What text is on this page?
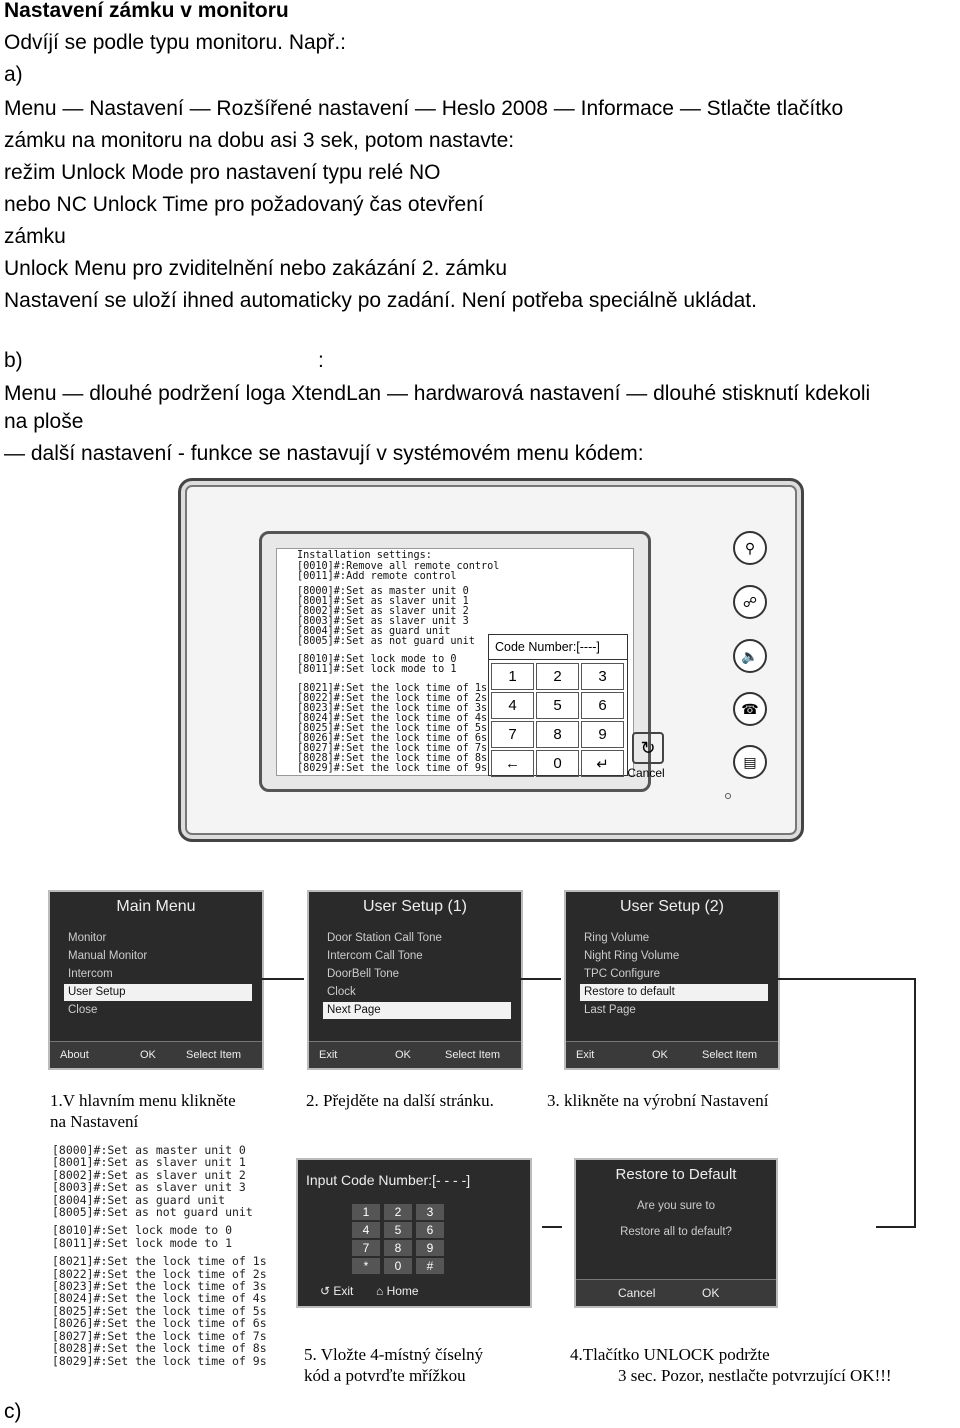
Nastavení zámku v monitoru
Odvíjí se podle typu monitoru. Např.:
a)
Menu — Nastavení — Rozšířené nastavení — Heslo 2008 — Informace — Stlačte tlačítko
zámku na monitoru na dobu asi 3 sek, potom nastavte:
režim Unlock Mode pro nastavení typu relé NO
nebo NC Unlock Time pro požadovaný čas otevření
zámku
Unlock Menu pro zviditelnění nebo zakázání 2. zámku
Nastavení se uloží ihned automaticky po zadání. Není potřeba speciálně ukládat.
b)	:
Menu — dlouhé podržení loga XtendLan — hardwarová nastavení — dlouhé stisknutí kdekoli
na ploše
— další nastavení - funkce se nastavují v systémovém menu kódem:
Installation settings:
[0010]#:Remove all remote control
[0011]#:Add remote control
[8000]#:Set as master unit 0
[8001]#:Set as slaver unit 1
[8002]#:Set as slaver unit 2
[8003]#:Set as slaver unit 3
[8004]#:Set as guard unit
[8005]#:Set as not guard unit
[8010]#:Set lock mode to 0
[8011]#:Set lock mode to 1
[8021]#:Set the lock time of 1s
[8022]#:Set the lock time of 2s
[8023]#:Set the lock time of 3s
[8024]#:Set the lock time of 4s
[8025]#:Set the lock time of 5s
[8026]#:Set the lock time of 6s
[8027]#:Set the lock time of 7s
[8028]#:Set the lock time of 8s
[8029]#:Set the lock time of 9s
Code Number:[----]
1	2	3
4	5	6
7	8	9
←	0	↵
↻
Cancel
⚲
☍
🔈
☎
▤
Main Menu
Monitor
Manual Monitor
Intercom
User Setup
Close
About	OK	Select Item
User Setup (1)
Door Station Call Tone
Intercom Call Tone
DoorBell Tone
Clock
Next Page
Exit	OK	Select Item
User Setup (2)
Ring Volume
Night Ring Volume
TPC Configure
Restore to default
Last Page
Exit	OK	Select Item
1.V hlavním menu klikněte
na Nastavení
2. Přejděte na další stránku.	3. klikněte na výrobní Nastavení
[8000]#:Set as master unit 0
[8001]#:Set as slaver unit 1
[8002]#:Set as slaver unit 2
[8003]#:Set as slaver unit 3
[8004]#:Set as guard unit
[8005]#:Set as not guard unit

[8010]#:Set lock mode to 0
[8011]#:Set lock mode to 1

[8021]#:Set the lock time of 1s
[8022]#:Set the lock time of 2s
[8023]#:Set the lock time of 3s
[8024]#:Set the lock time of 4s
[8025]#:Set the lock time of 5s
[8026]#:Set the lock time of 6s
[8027]#:Set the lock time of 7s
[8028]#:Set the lock time of 8s
[8029]#:Set the lock time of 9s
Input Code Number:[- - - -]
1	2	3
4	5	6
7	8	9
*	0	#
↺ Exit ⌂ Home
Restore to Default
Are you sure to
Restore all to default?
Cancel	OK
5. Vložte 4-místný číselný
kód a potvrďte mřížkou
4.Tlačítko UNLOCK podržte
3 sec. Pozor, nestlačte potvrzující OK!!!
c)
